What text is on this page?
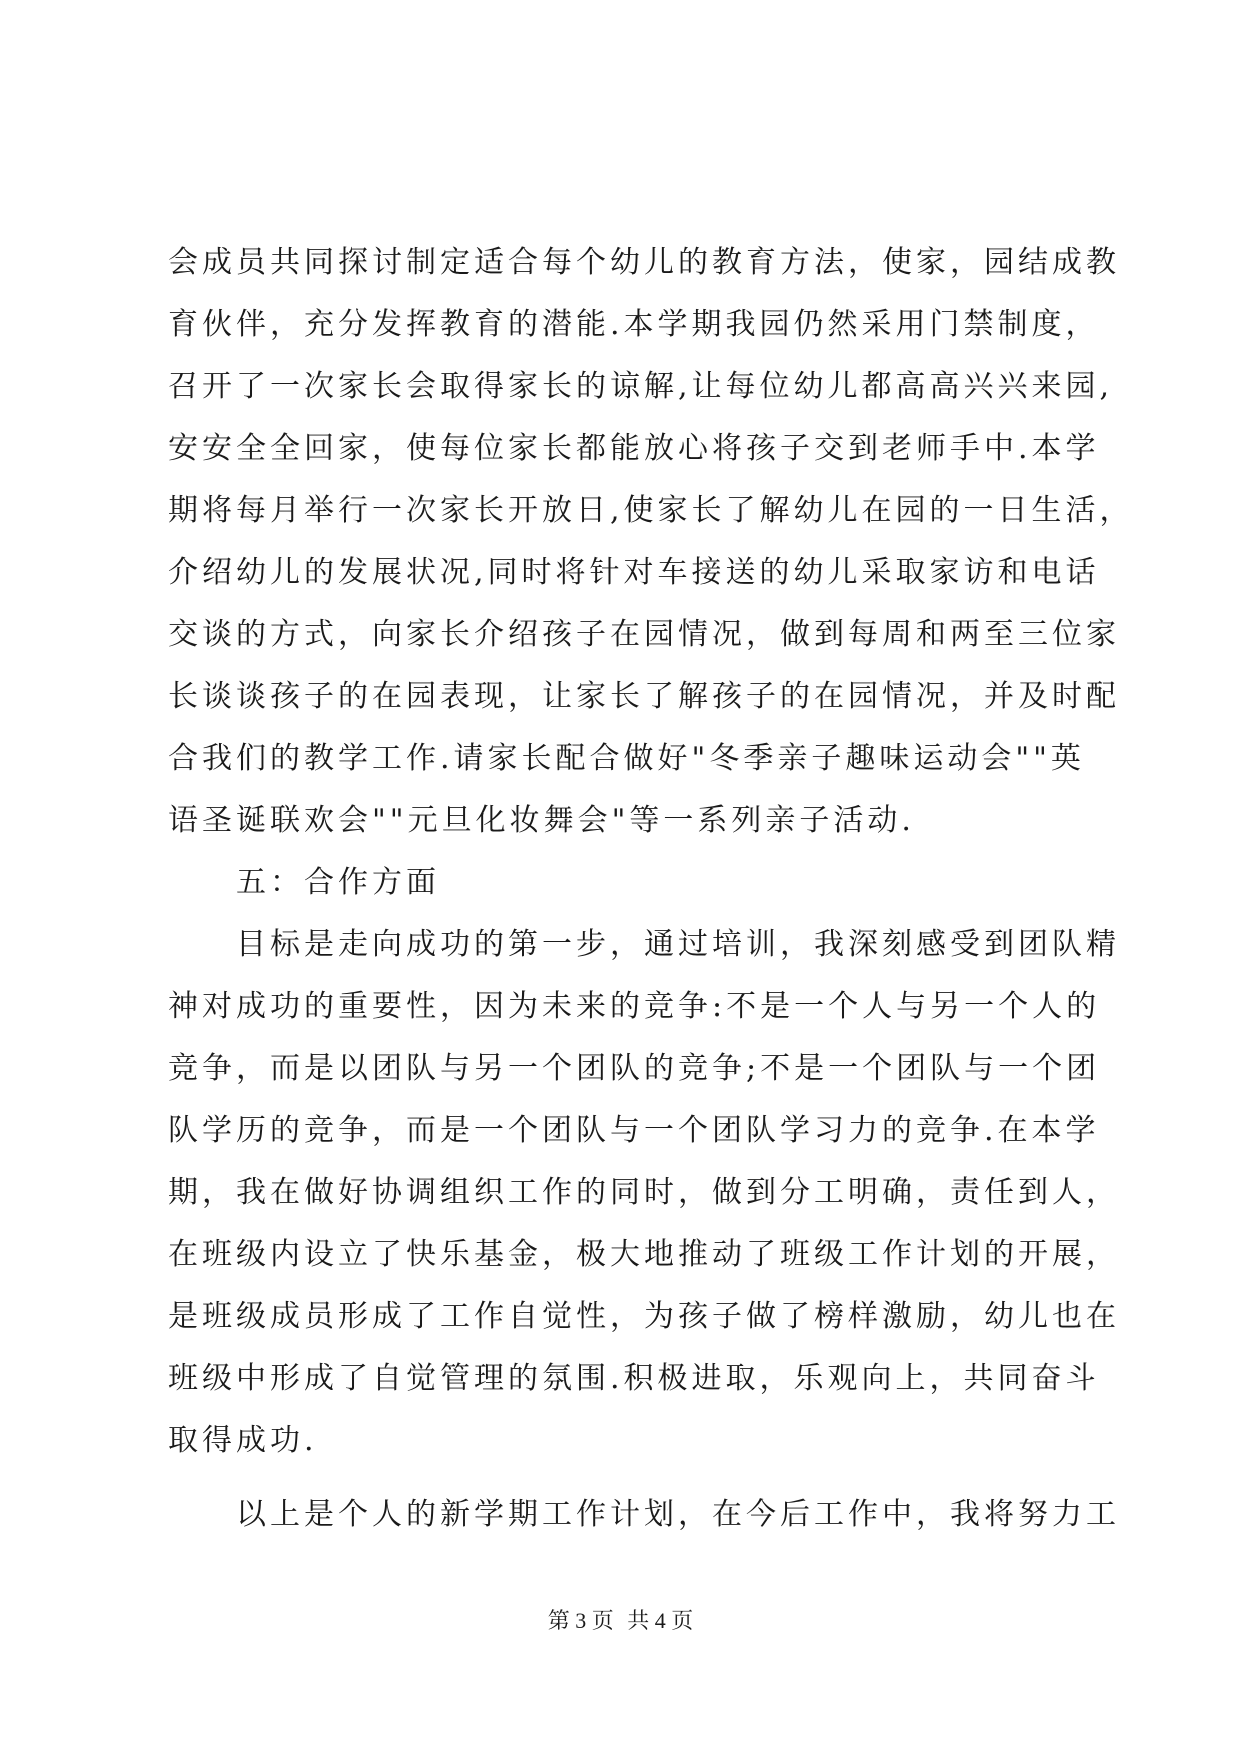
会成员共同探讨制定适合每个幼儿的教育方法，使家，园结成教
育伙伴，充分发挥教育的潜能.本学期我园仍然采用门禁制度，
召开了一次家长会取得家长的谅解,让每位幼儿都高高兴兴来园,
安安全全回家，使每位家长都能放心将孩子交到老师手中.本学
期将每月举行一次家长开放日,使家长了解幼儿在园的一日生活，
介绍幼儿的发展状况,同时将针对车接送的幼儿采取家访和电话
交谈的方式，向家长介绍孩子在园情况，做到每周和两至三位家
长谈谈孩子的在园表现，让家长了解孩子的在园情况，并及时配
合我们的教学工作.请家长配合做好"冬季亲子趣味运动会""英
语圣诞联欢会""元旦化妆舞会"等一系列亲子活动.
五：合作方面
目标是走向成功的第一步，通过培训，我深刻感受到团队精
神对成功的重要性，因为未来的竞争:不是一个人与另一个人的
竞争，而是以团队与另一个团队的竞争;不是一个团队与一个团
队学历的竞争，而是一个团队与一个团队学习力的竞争.在本学
期，我在做好协调组织工作的同时，做到分工明确，责任到人，
在班级内设立了快乐基金，极大地推动了班级工作计划的开展，
是班级成员形成了工作自觉性，为孩子做了榜样激励，幼儿也在
班级中形成了自觉管理的氛围.积极进取，乐观向上，共同奋斗
取得成功.
以上是个人的新学期工作计划，在今后工作中，我将努力工
第 3 页 共 4 页
